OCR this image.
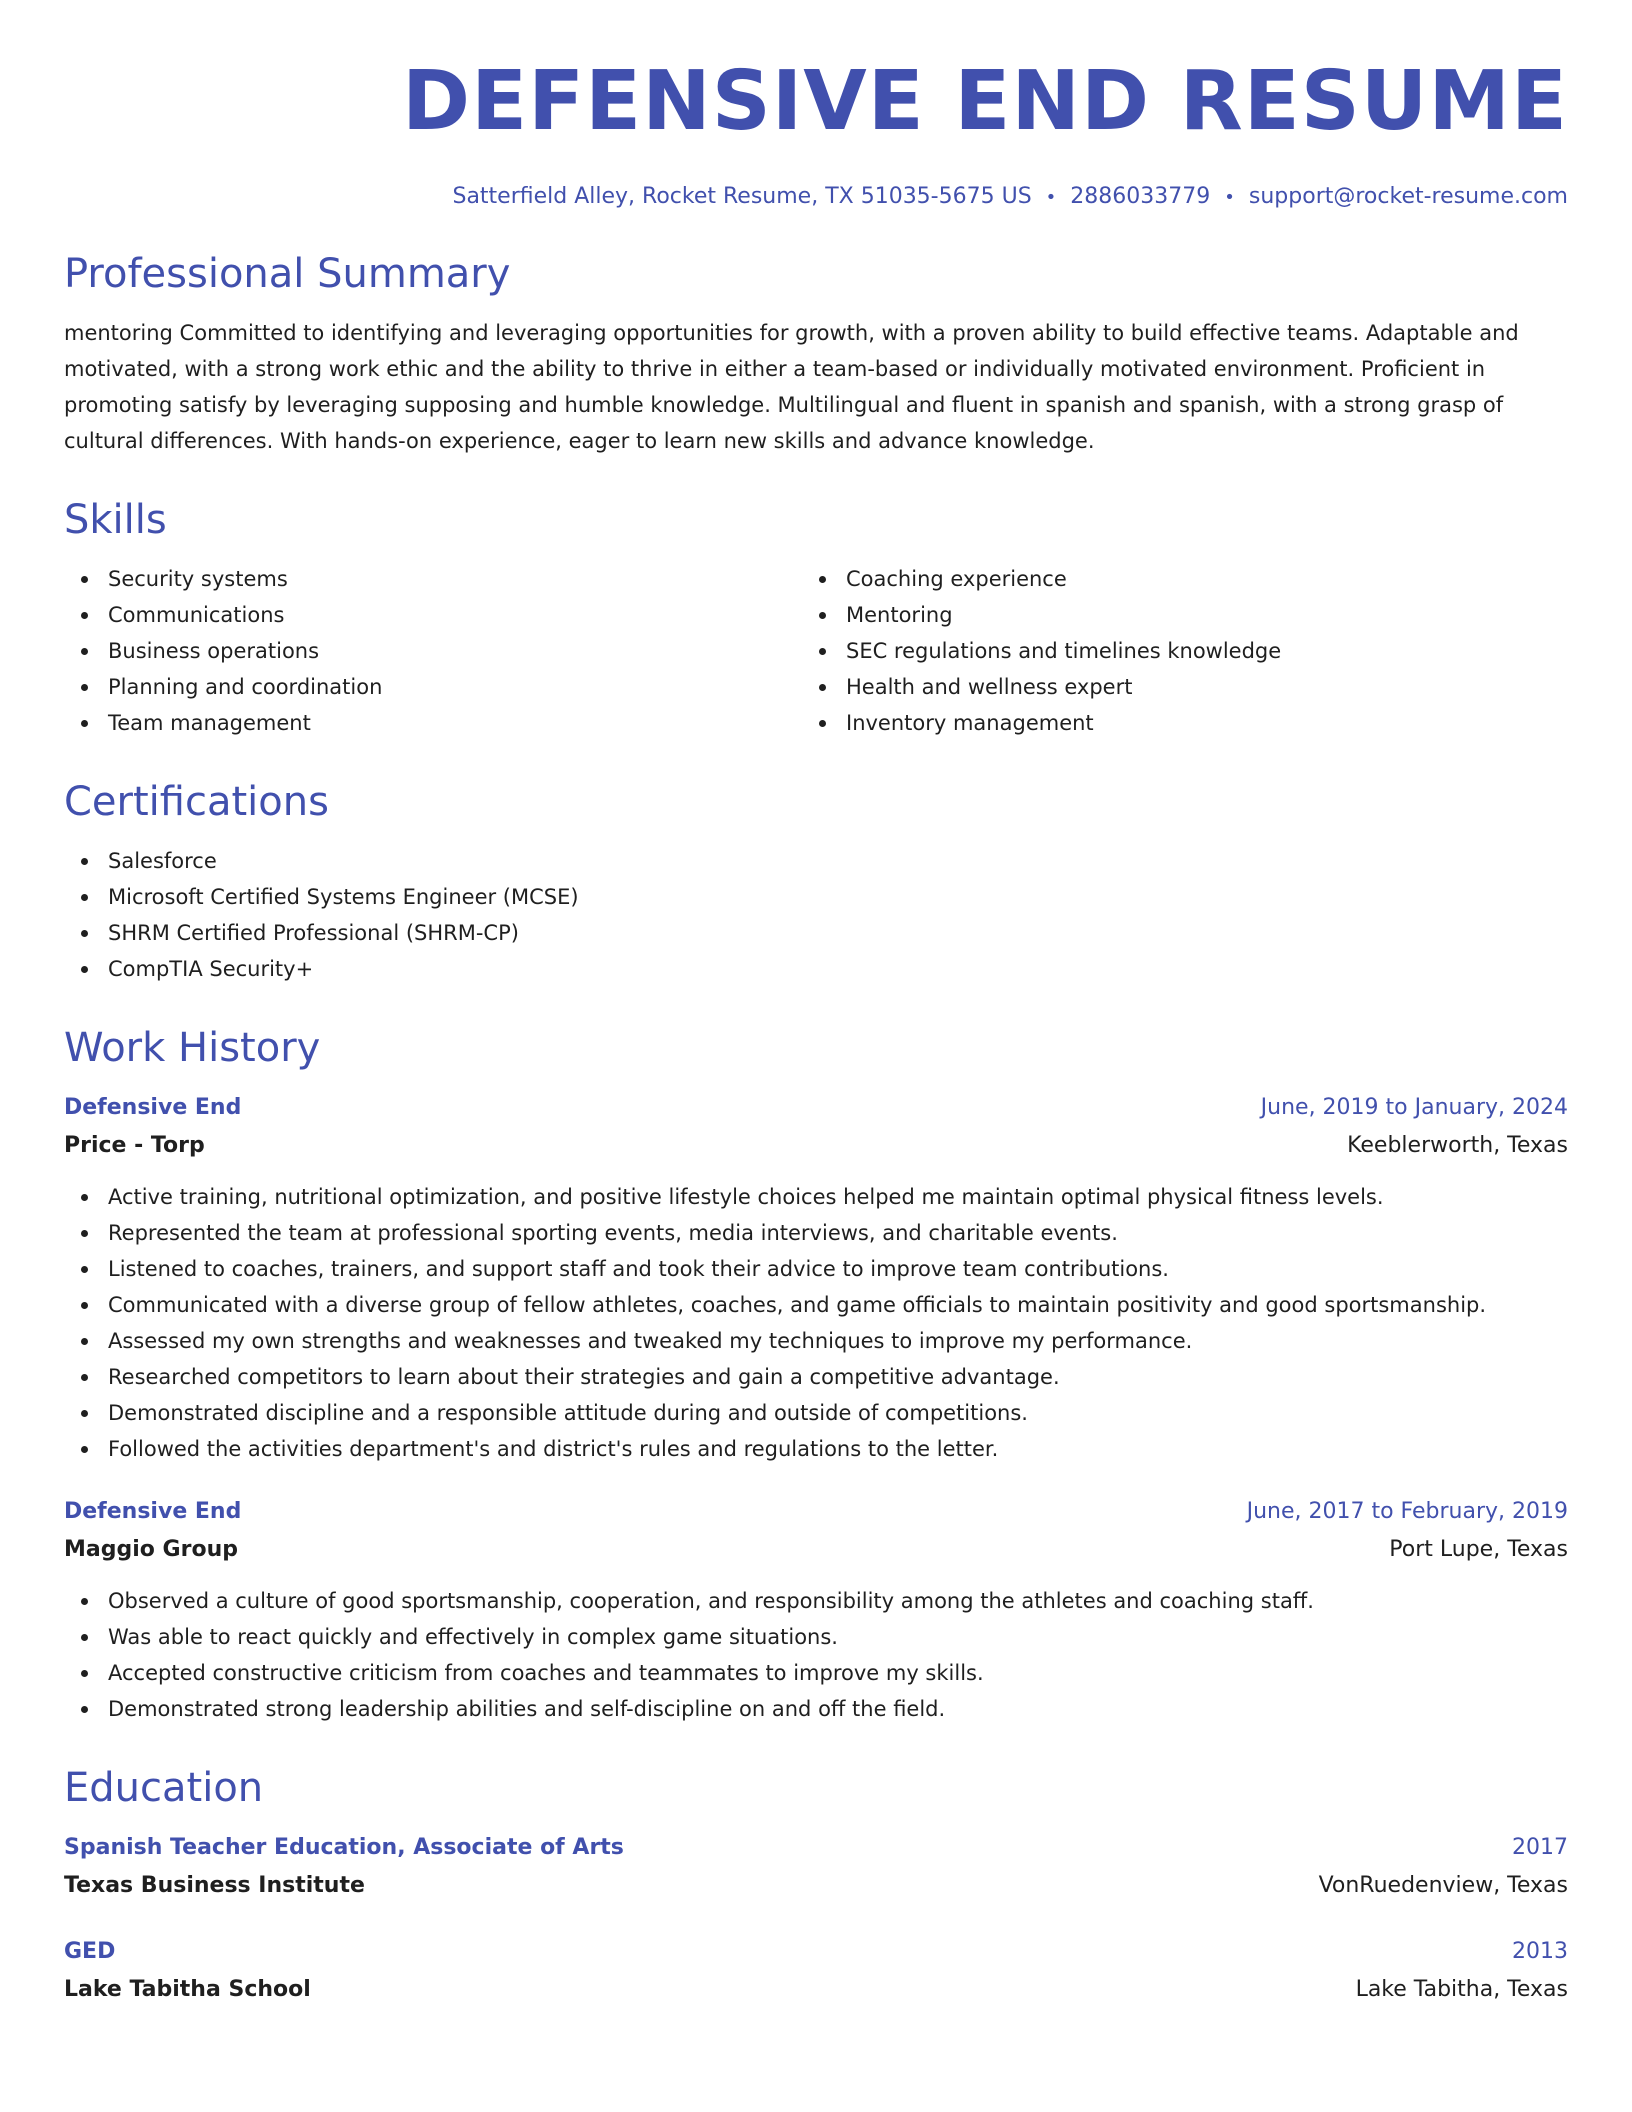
DEFENSIVE END RESUME
Satterfield Alley, Rocket Resume, TX 51035-5675 US • 2886033779 • support@rocket-resume.com
Professional Summary

mentoring Committed to identifying and leveraging opportunities for growth, with a proven ability to build effective teams. Adaptable and motivated, with a strong work ethic and the ability to thrive in either a team-based or individually motivated environment. Proficient in promoting satisfy by leveraging supposing and humble knowledge. Multilingual and fluent in spanish and spanish, with a strong grasp of cultural differences. With hands-on experience, eager to learn new skills and advance knowledge.

Skills
Security systems
Communications
Business operations
Planning and coordination
Team management
Coaching experience
Mentoring
SEC regulations and timelines knowledge
Health and wellness expert
Inventory management
Certifications
Salesforce
Microsoft Certified Systems Engineer (MCSE)
SHRM Certified Professional (SHRM-CP)
CompTIA Security+
Work History
Defensive End	June, 2019 to January, 2024
Price - Torp	Keeblerworth, Texas
Active training, nutritional optimization, and positive lifestyle choices helped me maintain optimal physical fitness levels.
Represented the team at professional sporting events, media interviews, and charitable events.
Listened to coaches, trainers, and support staff and took their advice to improve team contributions.
Communicated with a diverse group of fellow athletes, coaches, and game officials to maintain positivity and good sportsmanship.
Assessed my own strengths and weaknesses and tweaked my techniques to improve my performance.
Researched competitors to learn about their strategies and gain a competitive advantage.
Demonstrated discipline and a responsible attitude during and outside of competitions.
Followed the activities department's and district's rules and regulations to the letter.
Defensive End	June, 2017 to February, 2019
Maggio Group	Port Lupe, Texas
Observed a culture of good sportsmanship, cooperation, and responsibility among the athletes and coaching staff.
Was able to react quickly and effectively in complex game situations.
Accepted constructive criticism from coaches and teammates to improve my skills.
Demonstrated strong leadership abilities and self-discipline on and off the field.
Education
Spanish Teacher Education, Associate of Arts	2017
Texas Business Institute	VonRuedenview, Texas
GED	2013
Lake Tabitha School	Lake Tabitha, Texas
